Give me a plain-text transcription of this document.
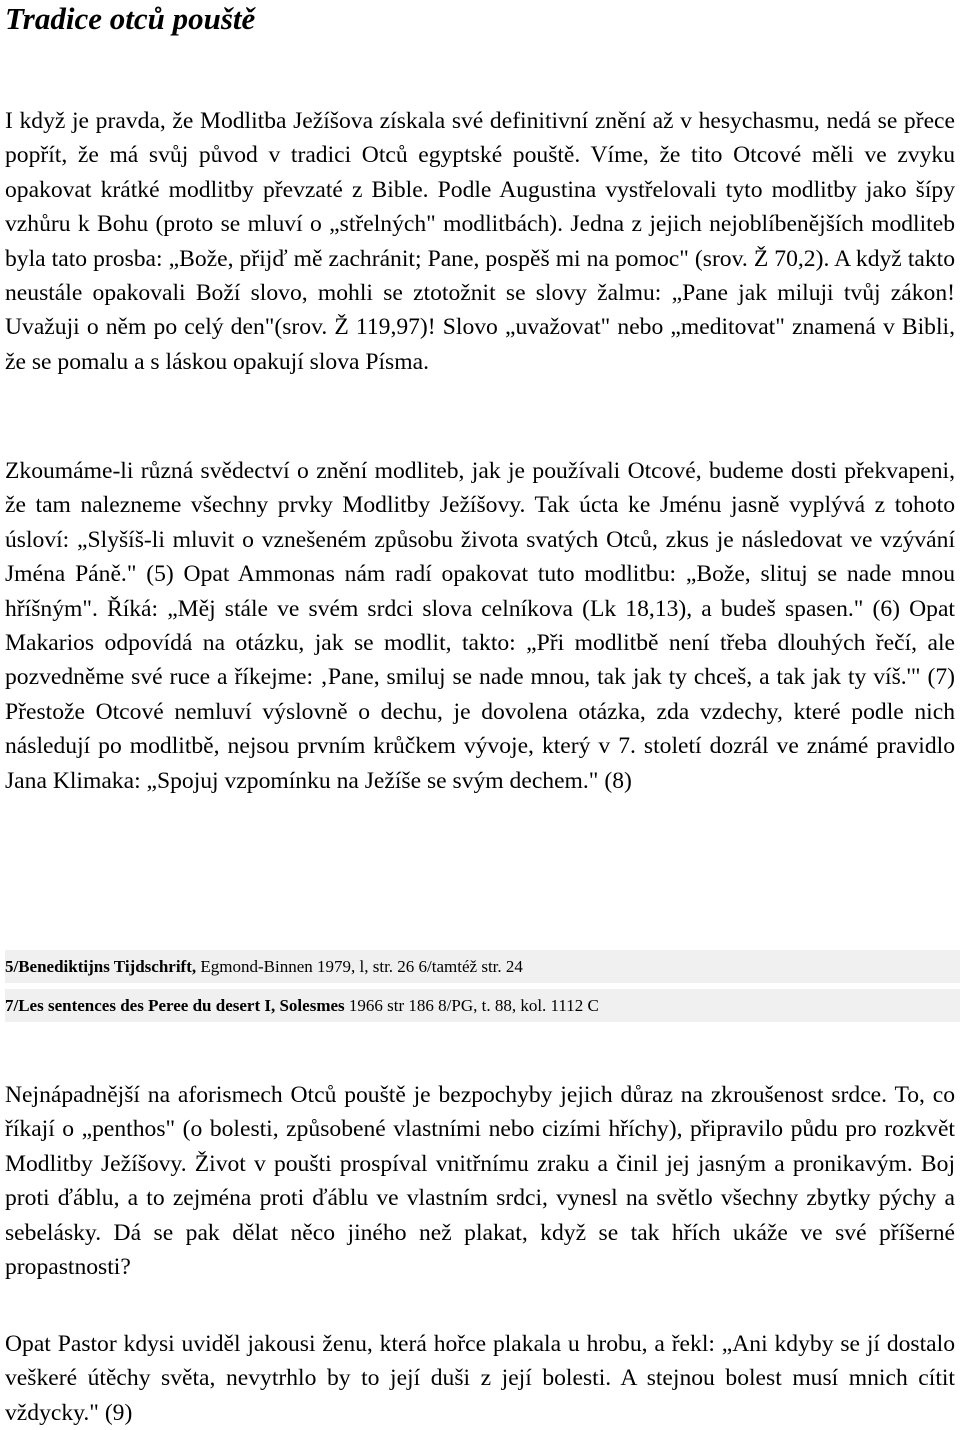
Tradice otců pouště

I když je pravda, že Modlitba Ježíšova získala své definitivní znění až v hesychasmu, nedá se přece popřít, že má svůj původ v tradici Otců egyptské pouště. Víme, že tito Otcové měli ve zvyku opakovat krátké modlitby převzaté z Bible. Podle Augustina vystřelovali tyto modlitby jako šípy vzhůru k Bohu (proto se mluví o „střelných" modlitbách). Jedna z jejich nejoblíbenějších modliteb byla tato prosba: „Bože, přijď mě zachránit; Pane, pospěš mi na pomoc" (srov. Ž 70,2). A když takto neustále opakovali Boží slovo, mohli se ztotožnit se slovy žalmu: „Pane jak miluji tvůj zákon! Uvažuji o něm po celý den"(srov. Ž 119,97)! Slovo „uvažovat" nebo „meditovat" znamená v Bibli, že se pomalu a s láskou opakují slova Písma.

Zkoumáme-li různá svědectví o znění modliteb, jak je používali Otcové, budeme dosti překvapeni, že tam nalezneme všechny prvky Modlitby Ježíšovy. Tak úcta ke Jménu jasně vyplývá z tohoto úsloví: „Slyšíš-li mluvit o vznešeném způsobu života svatých Otců, zkus je následovat ve vzývání Jména Páně." (5) Opat Ammonas nám radí opakovat tuto modlitbu: „Bože, slituj se nade mnou hříšným". Říká: „Měj stále ve svém srdci slova celníkova (Lk 18,13), a budeš spasen." (6) Opat Makarios odpovídá na otázku, jak se modlit, takto: „Při modlitbě není třeba dlouhých řečí, ale pozvedněme své ruce a říkejme: ‚Pane, smiluj se nade mnou, tak jak ty chceš, a tak jak ty víš.'" (7) Přestože Otcové nemluví výslovně o dechu, je dovolena otázka, zda vzdechy, které podle nich následují po modlitbě, nejsou prvním krůčkem vývoje, který v 7. století dozrál ve známé pravidlo Jana Klimaka: „Spojuj vzpomínku na Ježíše se svým dechem." (8)

5/Benediktijns Tijdschrift, Egmond-Binnen 1979, l, str. 26 6/tamtéž str. 24
7/Les sentences des Peree du desert I, Solesmes 1966 str 186 8/PG, t. 88, kol. 1112 C

Nejnápadnější na aforismech Otců pouště je bezpochyby jejich důraz na zkroušenost srdce. To, co říkají o „penthos" (o bolesti, způsobené vlastními nebo cizími hříchy), připravilo půdu pro rozkvět Modlitby Ježíšovy. Život v poušti prospíval vnitřnímu zraku a činil jej jasným a pronikavým. Boj proti ďáblu, a to zejména proti ďáblu ve vlastním srdci, vynesl na světlo všechny zbytky pýchy a sebelásky. Dá se pak dělat něco jiného než plakat, když se tak hřích ukáže ve své příšerné propastnosti?

Opat Pastor kdysi uviděl jakousi ženu, která hořce plakala u hrobu, a řekl: „Ani kdyby se jí dostalo veškeré útěchy světa, nevytrhlo by to její duši z její bolesti. A stejnou bolest musí mnich cítit vždycky." (9)
